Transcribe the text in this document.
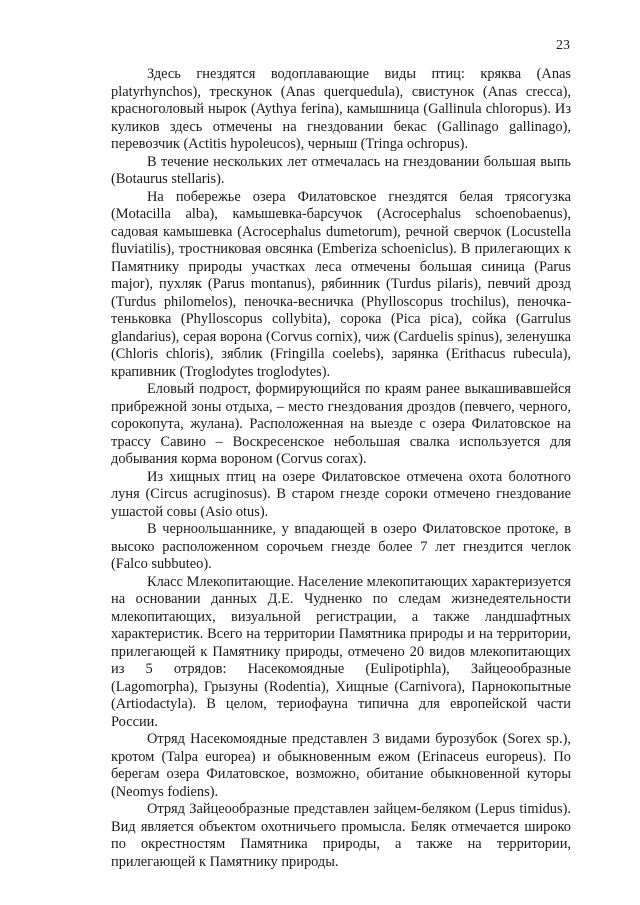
23

Здесь гнездятся водоплавающие виды птиц: кряква (Anas platyrhynchos), трескунок (Anas querquedula), свистунок (Anas crecca), красноголовый нырок (Aythya ferina), камышница (Gallinula chloropus). Из куликов здесь отмечены на гнездовании бекас (Gallinago gallinago), перевозчик (Actitis hypoleucos), черныш (Tringa ochropus).

В течение нескольких лет отмечалась на гнездовании большая выпь (Botaurus stellaris).

На побережье озера Филатовское гнездятся белая трясогузка (Motacilla alba), камышевка-барсучок (Acrocephalus schoenobaenus), садовая камышевка (Acrocephalus dumetorum), речной сверчок (Locustella fluviatilis), тростниковая овсянка (Emberiza schoeniclus). В прилегающих к Памятнику природы участках леса отмечены большая синица (Parus major), пухляк (Parus montanus), рябинник (Turdus pilaris), певчий дрозд (Turdus philomelos), пеночка-весничка (Phylloscopus trochilus), пеночка-теньковка (Phylloscopus collybita), сорока (Pica pica), сойка (Garrulus glandarius), серая ворона (Corvus cornix), чиж (Carduelis spinus), зеленушка (Chloris chloris), зяблик (Fringilla coelebs), зарянка (Erithacus rubecula), крапивник (Troglodytes troglodytes).

Еловый подрост, формирующийся по краям ранее выкашивавшейся прибрежной зоны отдыха, – место гнездования дроздов (певчего, черного, сорокопута, жулана). Расположенная на выезде с озера Филатовское на трассу Савино – Воскресенское небольшая свалка используется для добывания корма вороном (Corvus corax).

Из хищных птиц на озере Филатовское отмечена охота болотного луня (Circus acruginosus). В старом гнезде сороки отмечено гнездование ушастой совы (Asio otus).

В черноольшаннике, у впадающей в озеро Филатовское протоке, в высоко расположенном сорочьем гнезде более 7 лет гнездится чеглок (Falco subbuteo).

Класс Млекопитающие. Население млекопитающих характеризуется на основании данных Д.Е. Чудненко по следам жизнедеятельности млекопитающих, визуальной регистрации, а также ландшафтных характеристик. Всего на территории Памятника природы и на территории, прилегающей к Памятнику природы, отмечено 20 видов млекопитающих из 5 отрядов: Насекомоядные (Eulipotiphla), Зайцеообразные (Lagomorpha), Грызуны (Rodentia), Хищные (Carnivora), Парнокопытные (Artiodactyla). В целом, териофауна типична для европейской части России.

Отряд Насекомоядные представлен 3 видами бурозубок (Sorex sp.), кротом (Talpa europea) и обыкновенным ежом (Erinaceus europeus). По берегам озера Филатовское, возможно, обитание обыкновенной куторы (Neomys fodiens).

Отряд Зайцеообразные представлен зайцем-беляком (Lepus timidus). Вид является объектом охотничьего промысла. Беляк отмечается широко по окрестностям Памятника природы, а также на территории, прилегающей к Памятнику природы.
